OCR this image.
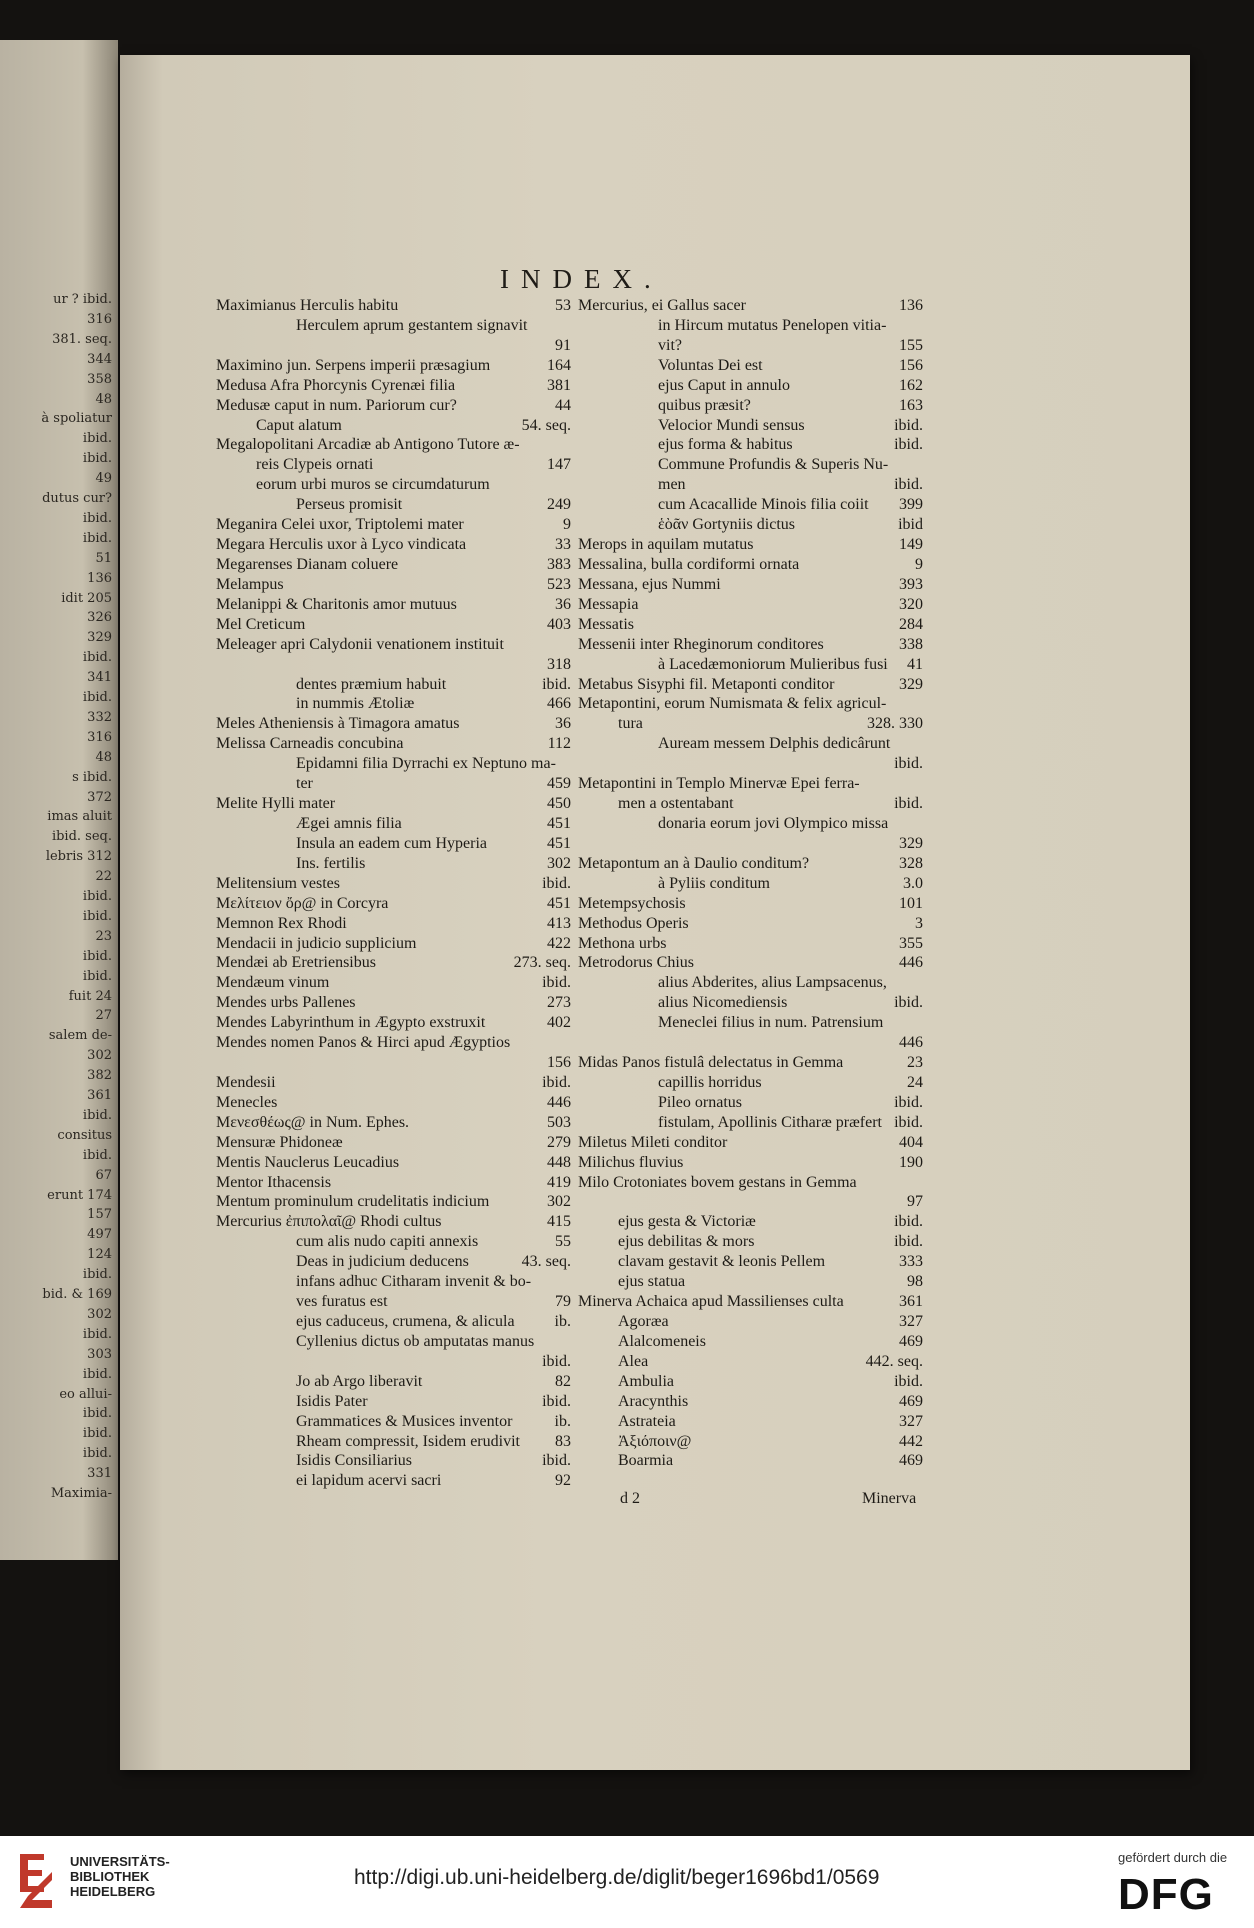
ur ? ibid.
316
381. seq.
344
358
48
à spoliatur
ibid.
ibid.
49
dutus cur?
ibid.
ibid.
51
136
idit 205
326
329
ibid.
341
ibid.
332
316
48
s ibid.
372
imas aluit
ibid. seq.
lebris 312
22
ibid.
ibid.
23
ibid.
ibid.
fuit 24
27
salem de-
302
382
361
ibid.
consitus
ibid.
67
erunt 174
157
497
124
ibid.
bid. & 169
302
ibid.
303
ibid.
eo allui-
ibid.
ibid.
ibid.
331
Maximia-
INDEX.
Maximianus Herculis habitu	53
Herculem aprum gestantem signavit
91
Maximino jun. Serpens imperii præsagium	164
Medusa Afra Phorcynis Cyrenæi filia	381
Medusæ caput in num. Pariorum cur?	44
Caput alatum	54. seq.
Megalopolitani Arcadiæ ab Antigono Tutore æ-
reis Clypeis ornati	147
eorum urbi muros se circumdaturum
Perseus promisit	249
Meganira Celei uxor, Triptolemi mater	9
Megara Herculis uxor à Lyco vindicata	33
Megarenses Dianam coluere	383
Melampus	523
Melanippi & Charitonis amor mutuus	36
Mel Creticum	403
Meleager apri Calydonii venationem instituit
318
dentes præmium habuit	ibid.
in nummis Ætoliæ	466
Meles Atheniensis à Timagora amatus	36
Melissa Carneadis concubina	112
Epidamni filia Dyrrachi ex Neptuno ma-
ter	459
Melite Hylli mater	450
Ægei amnis filia	451
Insula an eadem cum Hyperia	451
Ins. fertilis	302
Melitensium vestes	ibid.
Μελίτειον ὄρ@ in Corcyra	451
Memnon Rex Rhodi	413
Mendacii in judicio supplicium	422
Mendæi ab Eretriensibus	273. seq.
Mendæum vinum	ibid.
Mendes urbs Pallenes	273
Mendes Labyrinthum in Ægypto exstruxit	402
Mendes nomen Panos & Hirci apud Ægyptios
156
Mendesii	ibid.
Menecles	446
Μενεσθέως@ in Num. Ephes.	503
Mensuræ Phidoneæ	279
Mentis Nauclerus Leucadius	448
Mentor Ithacensis	419
Mentum prominulum crudelitatis indicium	302
Mercurius ἐπιπολαῖ@ Rhodi cultus	415
cum alis nudo capiti annexis	55
Deas in judicium deducens	43. seq.
infans adhuc Citharam invenit & bo-
ves furatus est	79
ejus caduceus, crumena, & alicula ib.
Cyllenius dictus ob amputatas manus
ibid.
Jo ab Argo liberavit	82
Isidis Pater	ibid.
Grammatices & Musices inventor	ib.
Rheam compressit, Isidem erudivit 83
Isidis Consiliarius	ibid.
ei lapidum acervi sacri	92
Mercurius, ei Gallus sacer	136
in Hircum mutatus Penelopen vitia-
vit?	155
Voluntas Dei est	156
ejus Caput in annulo	162
quibus præsit?	163
Velocior Mundi sensus	ibid.
ejus forma & habitus	ibid.
Commune Profundis & Superis Nu-
men	ibid.
cum Acacallide Minois filia coiit 399
ἑὸᾶν Gortyniis dictus	ibid
Merops in aquilam mutatus	149
Messalina, bulla cordiformi ornata	9
Messana, ejus Nummi	393
Messapia	320
Messatis	284
Messenii inter Rheginorum conditores	338
à Lacedæmoniorum Mulieribus fusi 41
Metabus Sisyphi fil. Metaponti conditor	329
Metapontini, eorum Numismata & felix agricul-
tura	328. 330
Auream messem Delphis dedicârunt
ibid.
Metapontini in Templo Minervæ Epei ferra-
men a ostentabant	ibid.
donaria eorum jovi Olympico missa
329
Metapontum an à Daulio conditum?	328
à Pyliis conditum	3.0
Metempsychosis	101
Methodus Operis	3
Methona urbs	355
Metrodorus Chius	446
alius Abderites, alius Lampsacenus,
alius Nicomediensis	ibid.
Meneclei filius in num. Patrensium
446
Midas Panos fistulâ delectatus in Gemma	23
capillis horridus	24
Pileo ornatus	ibid.
fistulam, Apollinis Citharæ præfert ibid.
Miletus Mileti conditor	404
Milichus fluvius	190
Milo Crotoniates bovem gestans in Gemma
97
ejus gesta & Victoriæ	ibid.
ejus debilitas & mors	ibid.
clavam gestavit & leonis Pellem	333
ejus statua	98
Minerva Achaica apud Massilienses culta	361
Agoræa	327
Alalcomeneis	469
Alea	442. seq.
Ambulia	ibid.
Aracynthis	469
Astrateia	327
Ἀξιόποιν@	442
Boarmia	469
d 2	Minerva
UNIVERSITÄTS-
BIBLIOTHEK
HEIDELBERG
http://digi.ub.uni-heidelberg.de/diglit/beger1696bd1/0569
gefördert durch die
DFG
